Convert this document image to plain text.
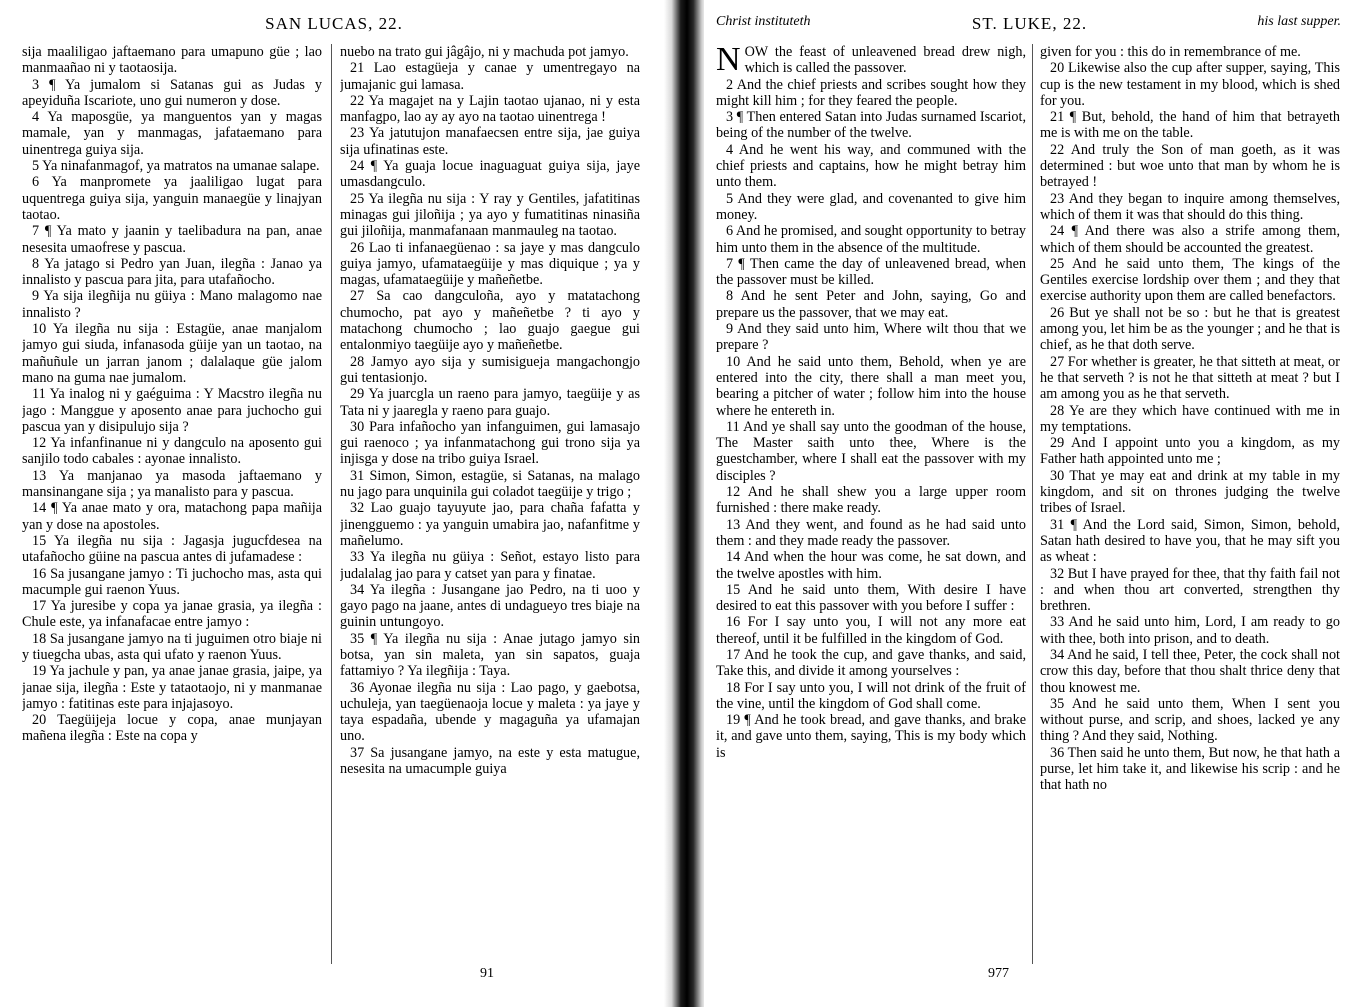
SAN LUCAS, 22.

sija maaliligao jaftaemano para umapuno güe ; lao manmaañao ni y taotaosija.

3 ¶ Ya jumalom si Satanas gui as Judas y apeyiduña Iscariote, uno gui numeron y dose.

4 Ya maposgüe, ya manguentos yan y magas mamale, yan y manmagas, jafataemano para uinentrega guiya sija.

5 Ya ninafanmagof, ya matratos na umanae salape.

6 Ya manpromete ya jaaliligao lugat para uquentrega guiya sija, yanguin manaegüe y linajyan taotao.

7 ¶ Ya mato y jaanin y taelibadura na pan, anae nesesita umaofrese y pascua.

8 Ya jatago si Pedro yan Juan, ilegña : Janao ya innalisto y pascua para jita, para utafañocho.

9 Ya sija ilegñija nu güiya : Mano malagomo nae innalisto ?

10 Ya ilegña nu sija : Estagüe, anae manjalom jamyo gui siuda, infanasoda güije yan un taotao, na mañuñule un jarran janom ; dalalaque güe jalom mano na guma nae jumalom.

11 Ya inalog ni y gaéguima : Y Macstro ilegña nu jago : Manggue y aposento anae para juchocho gui pascua yan y disipulujo sija ?

12 Ya infanfinanue ni y dangculo na aposento gui sanjilo todo cabales : ayonae innalisto.

13 Ya manjanao ya masoda jaftaemano y mansinangane sija ; ya manalisto para y pascua.

14 ¶ Ya anae mato y ora, matachong papa mañija yan y dose na apostoles.

15 Ya ilegña nu sija : Jagasja jugucfdesea na utafañocho güine na pascua antes di jufamadese :

16 Sa jusangane jamyo : Ti juchocho mas, asta qui macumple gui raenon Yuus.

17 Ya juresibe y copa ya janae grasia, ya ilegña : Chule este, ya infanafacae entre jamyo :

18 Sa jusangane jamyo na ti juguimen otro biaje ni y tiuegcha ubas, asta qui ufato y raenon Yuus.

19 Ya jachule y pan, ya anae janae grasia, jaipe, ya janae sija, ilegña : Este y tataotaojo, ni y manmanae jamyo : fatitinas este para injajasoyo.

20 Taegüijeja locue y copa, anae munjayan mañena ilegña : Este na copa y

nuebo na trato gui jâgâjo, ni y machuda pot jamyo.

21 Lao estagüeja y canae y umentregayo na jumajanic gui lamasa.

22 Ya magajet na y Lajin taotao ujanao, ni y esta manfagpo, lao ay ay ayo na taotao uinentrega !

23 Ya jatutujon manafaecsen entre sija, jae guiya sija ufinatinas este.

24 ¶ Ya guaja locue inaguaguat guiya sija, jaye umasdangculo.

25 Ya ilegña nu sija : Y ray y Gentiles, jafatitinas minagas gui jiloñija ; ya ayo y fumatitinas ninasiña gui jiloñija, manmafanaan manmauleg na taotao.

26 Lao ti infanaegüenao : sa jaye y mas dangculo guiya jamyo, ufamataegüije y mas diquique ; ya y magas, ufamataegüije y mañeñetbe.

27 Sa cao dangculoña, ayo y matatachong chumocho, pat ayo y mañeñetbe ? ti ayo y matachong chumocho ; lao guajo gaegue gui entalonmiyo taegüije ayo y mañeñetbe.

28 Jamyo ayo sija y sumisigueja mangachongjo gui tentasionjo.

29 Ya juarcgla un raeno para jamyo, taegüije y as Tata ni y jaaregla y raeno para guajo.

30 Para infañocho yan infanguimen, gui lamasajo gui raenoco ; ya infanmatachong gui trono sija ya injisga y dose na tribo guiya Israel.

31 Simon, Simon, estagüe, si Satanas, na malago nu jago para unquinila gui coladot taegüije y trigo ;

32 Lao guajo tayuyute jao, para chaña fafatta y jinengguemo : ya yanguin umabira jao, nafanfitme y mañelumo.

33 Ya ilegña nu güiya : Señot, estayo listo para judalalag jao para y catset yan para y finatae.

34 Ya ilegña : Jusangane jao Pedro, na ti uoo y gayo pago na jaane, antes di undagueyo tres biaje na guinin untungoyo.

35 ¶ Ya ilegña nu sija : Anae jutago jamyo sin botsa, yan sin maleta, yan sin sapatos, guaja fattamiyo ? Ya ilegñija : Taya.

36 Ayonae ilegña nu sija : Lao pago, y gaebotsa, uchuleja, yan taegüenaoja locue y maleta : ya jaye y taya espadaña, ubende y magaguña ya ufamajan uno.

37 Sa jusangane jamyo, na este y esta matugue, nesesita na umacumple guiya

91
Christ instituteth	ST. LUKE, 22.	his last supper.

NOW the feast of unleavened bread drew nigh, which is called the passover.

2 And the chief priests and scribes sought how they might kill him ; for they feared the people.

3 ¶ Then entered Satan into Judas surnamed Iscariot, being of the number of the twelve.

4 And he went his way, and communed with the chief priests and captains, how he might betray him unto them.

5 And they were glad, and covenanted to give him money.

6 And he promised, and sought opportunity to betray him unto them in the absence of the multitude.

7 ¶ Then came the day of unleavened bread, when the passover must be killed.

8 And he sent Peter and John, saying, Go and prepare us the passover, that we may eat.

9 And they said unto him, Where wilt thou that we prepare ?

10 And he said unto them, Behold, when ye are entered into the city, there shall a man meet you, bearing a pitcher of water ; follow him into the house where he entereth in.

11 And ye shall say unto the goodman of the house, The Master saith unto thee, Where is the guestchamber, where I shall eat the passover with my disciples ?

12 And he shall shew you a large upper room furnished : there make ready.

13 And they went, and found as he had said unto them : and they made ready the passover.

14 And when the hour was come, he sat down, and the twelve apostles with him.

15 And he said unto them, With desire I have desired to eat this passover with you before I suffer :

16 For I say unto you, I will not any more eat thereof, until it be fulfilled in the kingdom of God.

17 And he took the cup, and gave thanks, and said, Take this, and divide it among yourselves :

18 For I say unto you, I will not drink of the fruit of the vine, until the kingdom of God shall come.

19 ¶ And he took bread, and gave thanks, and brake it, and gave unto them, saying, This is my body which is

given for you : this do in remembrance of me.

20 Likewise also the cup after supper, saying, This cup is the new testament in my blood, which is shed for you.

21 ¶ But, behold, the hand of him that betrayeth me is with me on the table.

22 And truly the Son of man goeth, as it was determined : but woe unto that man by whom he is betrayed !

23 And they began to inquire among themselves, which of them it was that should do this thing.

24 ¶ And there was also a strife among them, which of them should be accounted the greatest.

25 And he said unto them, The kings of the Gentiles exercise lordship over them ; and they that exercise authority upon them are called benefactors.

26 But ye shall not be so : but he that is greatest among you, let him be as the younger ; and he that is chief, as he that doth serve.

27 For whether is greater, he that sitteth at meat, or he that serveth ? is not he that sitteth at meat ? but I am among you as he that serveth.

28 Ye are they which have continued with me in my temptations.

29 And I appoint unto you a kingdom, as my Father hath appointed unto me ;

30 That ye may eat and drink at my table in my kingdom, and sit on thrones judging the twelve tribes of Israel.

31 ¶ And the Lord said, Simon, Simon, behold, Satan hath desired to have you, that he may sift you as wheat :

32 But I have prayed for thee, that thy faith fail not : and when thou art converted, strengthen thy brethren.

33 And he said unto him, Lord, I am ready to go with thee, both into prison, and to death.

34 And he said, I tell thee, Peter, the cock shall not crow this day, before that thou shalt thrice deny that thou knowest me.

35 And he said unto them, When I sent you without purse, and scrip, and shoes, lacked ye any thing ? And they said, Nothing.

36 Then said he unto them, But now, he that hath a purse, let him take it, and likewise his scrip : and he that hath no

977
